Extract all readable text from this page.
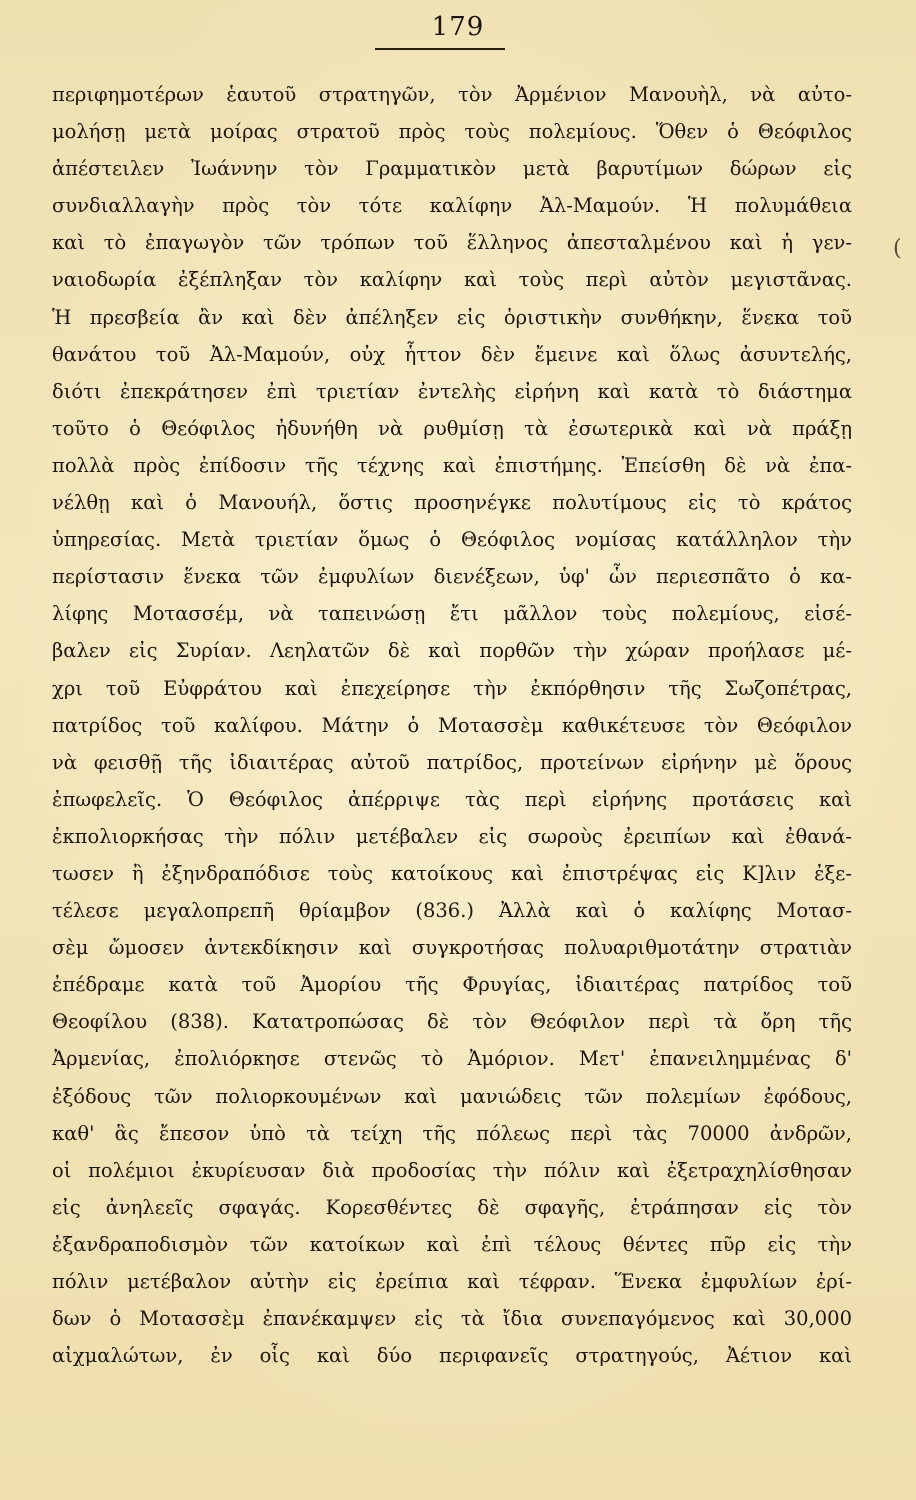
179
περιφημοτέρων ἑαυτοῦ στρατηγῶν, τὸν Ἀρμένιον Μανουὴλ, νὰ αὐτο-
μολήσῃ μετὰ μοίρας στρατοῦ πρὸς τοὺς πολεμίους. Ὅθεν ὁ Θεόφιλος
ἀπέστειλεν Ἰωάννην τὸν Γραμματικὸν μετὰ βαρυτίμων δώρων εἰς
συνδιαλλαγὴν πρὸς τὸν τότε καλίφην Ἀλ-Μαμούν. Ἡ πολυμάθεια
καὶ τὸ ἐπαγωγὸν τῶν τρόπων τοῦ ἕλληνος ἀπεσταλμένου καὶ ἡ γεν-
ναιοδωρία ἐξέπληξαν τὸν καλίφην καὶ τοὺς περὶ αὐτὸν μεγιστᾶνας.
Ἡ πρεσβεία ἂν καὶ δὲν ἀπέληξεν εἰς ὁριστικὴν συνθήκην, ἕνεκα τοῦ
θανάτου τοῦ Ἀλ-Μαμούν, οὐχ ἧττον δὲν ἔμεινε καὶ ὅλως ἀσυντελής,
διότι ἐπεκράτησεν ἐπὶ τριετίαν ἐντελὴς εἰρήνη καὶ κατὰ τὸ διάστημα
τοῦτο ὁ Θεόφιλος ἠδυνήθη νὰ ρυθμίσῃ τὰ ἐσωτερικὰ καὶ νὰ πράξῃ
πολλὰ πρὸς ἐπίδοσιν τῆς τέχνης καὶ ἐπιστήμης. Ἐπείσθη δὲ νὰ ἐπα-
νέλθῃ καὶ ὁ Μανουήλ, ὅστις προσηνέγκε πολυτίμους εἰς τὸ κράτος
ὑπηρεσίας. Μετὰ τριετίαν ὅμως ὁ Θεόφιλος νομίσας κατάλληλον τὴν
περίστασιν ἕνεκα τῶν ἐμφυλίων διενέξεων, ὑφ' ὧν περιεσπᾶτο ὁ κα-
λίφης Μοτασσέμ, νὰ ταπεινώσῃ ἔτι μᾶλλον τοὺς πολεμίους, εἰσέ-
βαλεν εἰς Συρίαν. Λεηλατῶν δὲ καὶ πορθῶν τὴν χώραν προήλασε μέ-
χρι τοῦ Εὐφράτου καὶ ἐπεχείρησε τὴν ἐκπόρθησιν τῆς Σωζοπέτρας,
πατρίδος τοῦ καλίφου. Μάτην ὁ Μοτασσὲμ καθικέτευσε τὸν Θεόφιλον
νὰ φεισθῇ τῆς ἰδιαιτέρας αὐτοῦ πατρίδος, προτείνων εἰρήνην μὲ ὅρους
ἐπωφελεῖς. Ὁ Θεόφιλος ἀπέρριψε τὰς περὶ εἰρήνης προτάσεις καὶ
ἐκπολιορκήσας τὴν πόλιν μετέβαλεν εἰς σωροὺς ἐρειπίων καὶ ἐθανά-
τωσεν ἢ ἐξηνδραπόδισε τοὺς κατοίκους καὶ ἐπιστρέψας εἰς Κ]λιν ἐξε-
τέλεσε μεγαλοπρεπῆ θρίαμβον (836.) Ἀλλὰ καὶ ὁ καλίφης Μοτασ-
σὲμ ὤμοσεν ἀντεκδίκησιν καὶ συγκροτήσας πολυαριθμοτάτην στρατιὰν
ἐπέδραμε κατὰ τοῦ Ἀμορίου τῆς Φρυγίας, ἰδιαιτέρας πατρίδος τοῦ
Θεοφίλου (838). Κατατροπώσας δὲ τὸν Θεόφιλον περὶ τὰ ὄρη τῆς
Ἀρμενίας, ἐπολιόρκησε στενῶς τὸ Ἀμόριον. Μετ' ἐπανειλημμένας δ'
ἐξόδους τῶν πολιορκουμένων καὶ μανιώδεις τῶν πολεμίων ἐφόδους,
καθ' ἃς ἔπεσον ὑπὸ τὰ τείχη τῆς πόλεως περὶ τὰς 70000 ἀνδρῶν,
οἱ πολέμιοι ἐκυρίευσαν διὰ προδοσίας τὴν πόλιν καὶ ἐξετραχηλίσθησαν
εἰς ἀνηλεεῖς σφαγάς. Κορεσθέντες δὲ σφαγῆς, ἐτράπησαν εἰς τὸν
ἐξανδραποδισμὸν τῶν κατοίκων καὶ ἐπὶ τέλους θέντες πῦρ εἰς τὴν
πόλιν μετέβαλον αὐτὴν εἰς ἐρείπια καὶ τέφραν. Ἕνεκα ἐμφυλίων ἐρί-
δων ὁ Μοτασσὲμ ἐπανέκαμψεν εἰς τὰ ἴδια συνεπαγόμενος καὶ 30,000
αἰχμαλώτων, ἐν οἷς καὶ δύο περιφανεῖς στρατηγούς, Ἀέτιον καὶ
(
